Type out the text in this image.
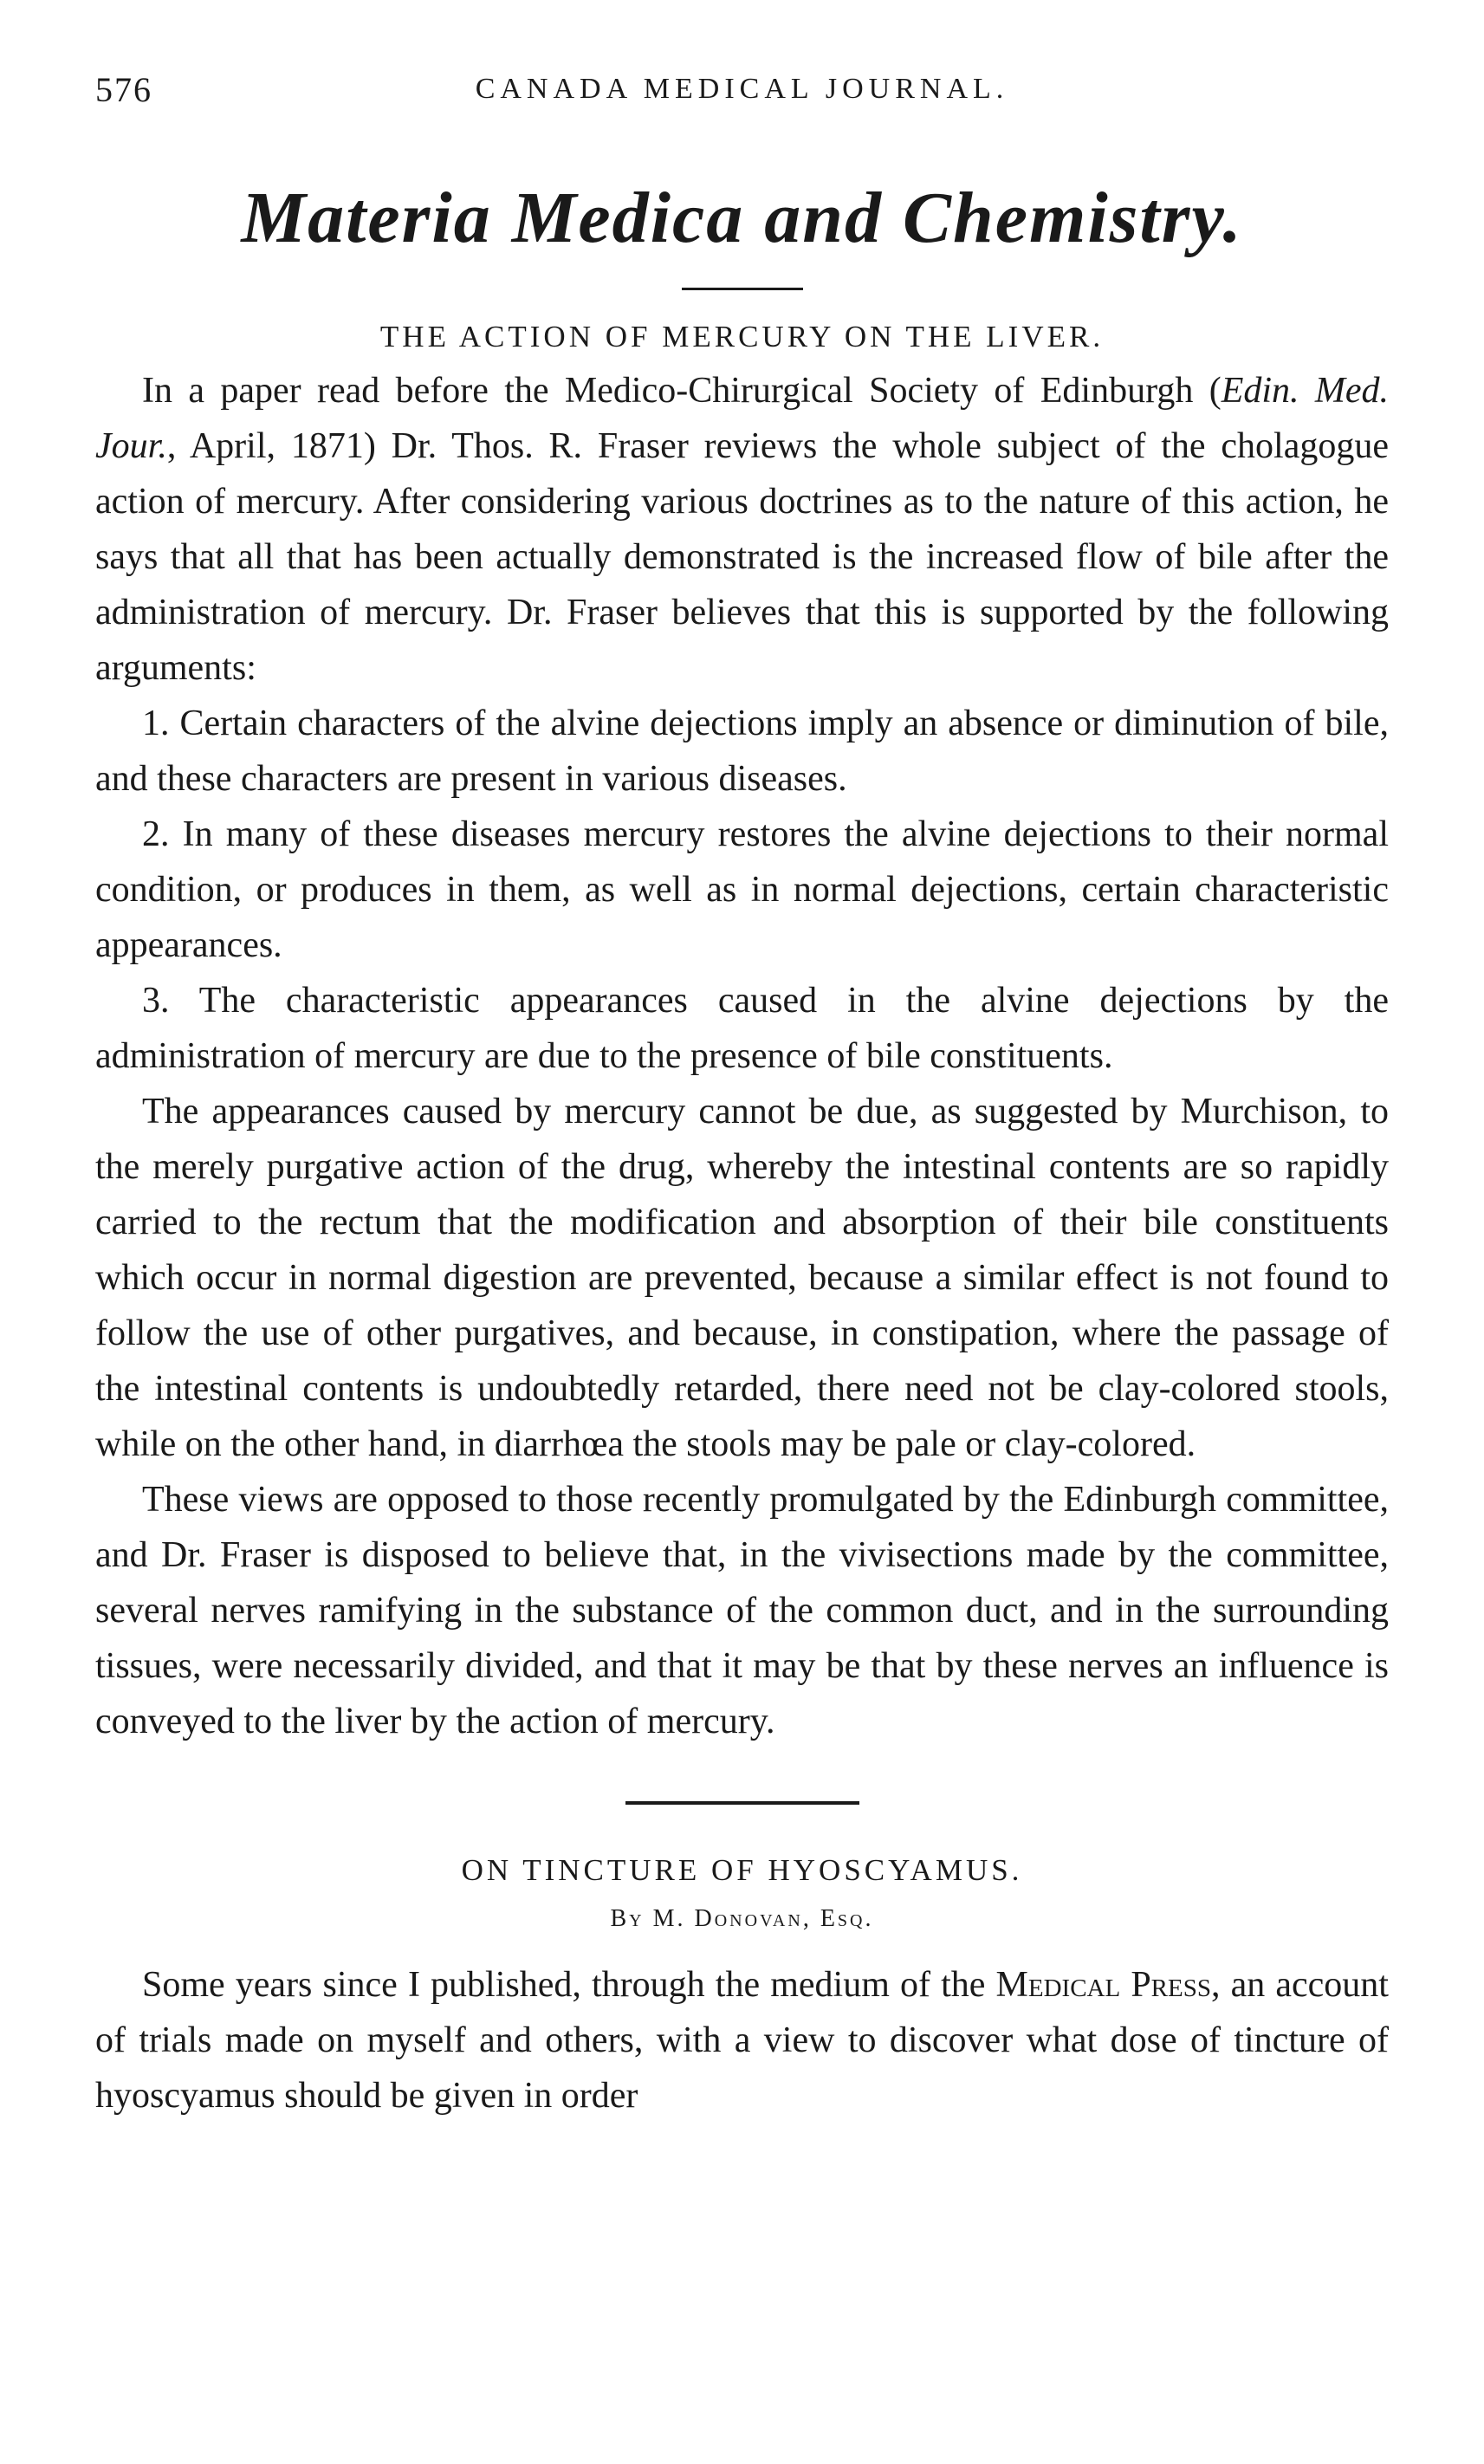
576	CANADA MEDICAL JOURNAL.
Materia Medica and Chemistry.
THE ACTION OF MERCURY ON THE LIVER.

In a paper read before the Medico-Chirurgical Society of Edinburgh (Edin. Med. Jour., April, 1871) Dr. Thos. R. Fraser reviews the whole subject of the cholagogue action of mercury. After considering various doctrines as to the nature of this action, he says that all that has been actually demonstrated is the increased flow of bile after the administration of mercury. Dr. Fraser believes that this is supported by the following arguments:

1. Certain characters of the alvine dejections imply an absence or diminution of bile, and these characters are present in various diseases.

2. In many of these diseases mercury restores the alvine dejections to their normal condition, or produces in them, as well as in normal dejections, certain characteristic appearances.

3. The characteristic appearances caused in the alvine dejections by the administration of mercury are due to the presence of bile constituents.

The appearances caused by mercury cannot be due, as suggested by Murchison, to the merely purgative action of the drug, whereby the intestinal contents are so rapidly carried to the rectum that the modification and absorption of their bile constituents which occur in normal digestion are prevented, because a similar effect is not found to follow the use of other purgatives, and because, in constipation, where the passage of the intestinal contents is undoubtedly retarded, there need not be clay-colored stools, while on the other hand, in diarrhœa the stools may be pale or clay-colored.

These views are opposed to those recently promulgated by the Edinburgh committee, and Dr. Fraser is disposed to believe that, in the vivisections made by the committee, several nerves ramifying in the substance of the common duct, and in the surrounding tissues, were necessarily divided, and that it may be that by these nerves an influence is conveyed to the liver by the action of mercury.

ON TINCTURE OF HYOSCYAMUS.
By M. Donovan, Esq.

Some years since I published, through the medium of the Medical Press, an account of trials made on myself and others, with a view to discover what dose of tincture of hyoscyamus should be given in order
